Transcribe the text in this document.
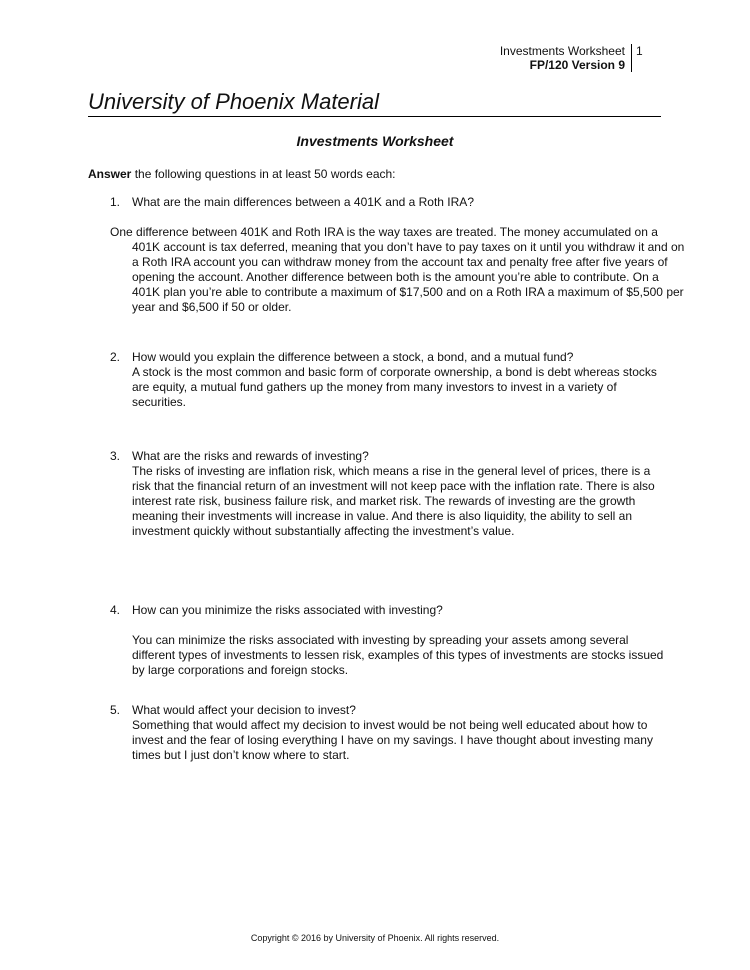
Investments Worksheet
FP/120 Version 9
1
University of Phoenix Material
Investments Worksheet
Answer the following questions in at least 50 words each:
1. What are the main differences between a 401K and a Roth IRA?
One difference between 401K and Roth IRA is the way taxes are treated. The money accumulated on a 401K account is tax deferred, meaning that you don’t have to pay taxes on it until you withdraw it and on a Roth IRA account you can withdraw money from the account tax and penalty free after five years of opening the account. Another difference between both is the amount you’re able to contribute. On a 401K plan you’re able to contribute a maximum of $17,500 and on a Roth IRA a maximum of $5,500 per year and $6,500 if 50 or older.
2. How would you explain the difference between a stock, a bond, and a mutual fund?
A stock is the most common and basic form of corporate ownership, a bond is debt whereas stocks are equity, a mutual fund gathers up the money from many investors to invest in a variety of securities.
3. What are the risks and rewards of investing?
The risks of investing are inflation risk, which means a rise in the general level of prices, there is a risk that the financial return of an investment will not keep pace with the inflation rate. There is also interest rate risk, business failure risk, and market risk. The rewards of investing are the growth meaning their investments will increase in value. And there is also liquidity, the ability to sell an investment quickly without substantially affecting the investment’s value.
4. How can you minimize the risks associated with investing?
You can minimize the risks associated with investing by spreading your assets among several different types of investments to lessen risk, examples of this types of investments are stocks issued by large corporations and foreign stocks.
5. What would affect your decision to invest?
Something that would affect my decision to invest would be not being well educated about how to invest and the fear of losing everything I have on my savings. I have thought about investing many times but I just don’t know where to start.
Copyright © 2016 by University of Phoenix. All rights reserved.
